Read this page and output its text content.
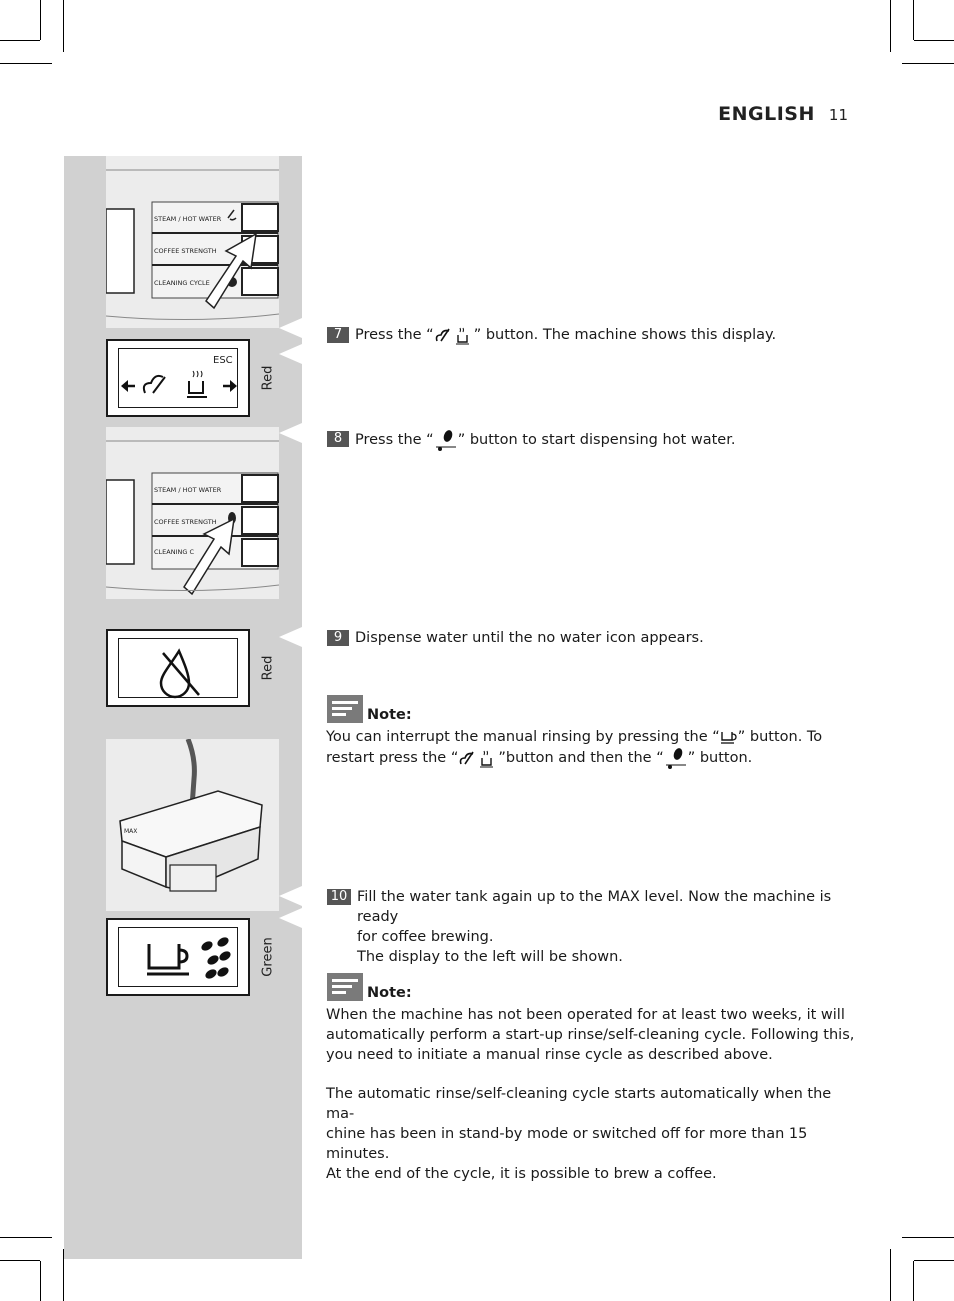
ENGLISH 11
STEAM / HOT WATER
COFFEE STRENGTH
CLEANING CYCLE
ESC
Red
STEAM / HOT WATER
COFFEE STRENGTH
CLEANING C
Red
MAX
Green
7 Press the “	” button. The machine shows this display.
8 Press the “ ” button to start dispensing hot water.
9 Dispense water until the no water icon appears.
Note:

You can interrupt the manual rinsing by pressing the “ ” button. To

restart press the “	”button and then the “ ” button.

10 Fill the water tank again up to the MAX level. Now the machine is ready
for coffee brewing.
The display to the left will be shown.
Note:

When the machine has not been operated for at least two weeks, it will

automatically perform a start-up rinse/self-cleaning cycle. Following this,

you need to initiate a manual rinse cycle as described above.

The automatic rinse/self-cleaning cycle starts automatically when the ma-

chine has been in stand-by mode or switched off for more than 15 minutes.

At the end of the cycle, it is possible to brew a coffee.
